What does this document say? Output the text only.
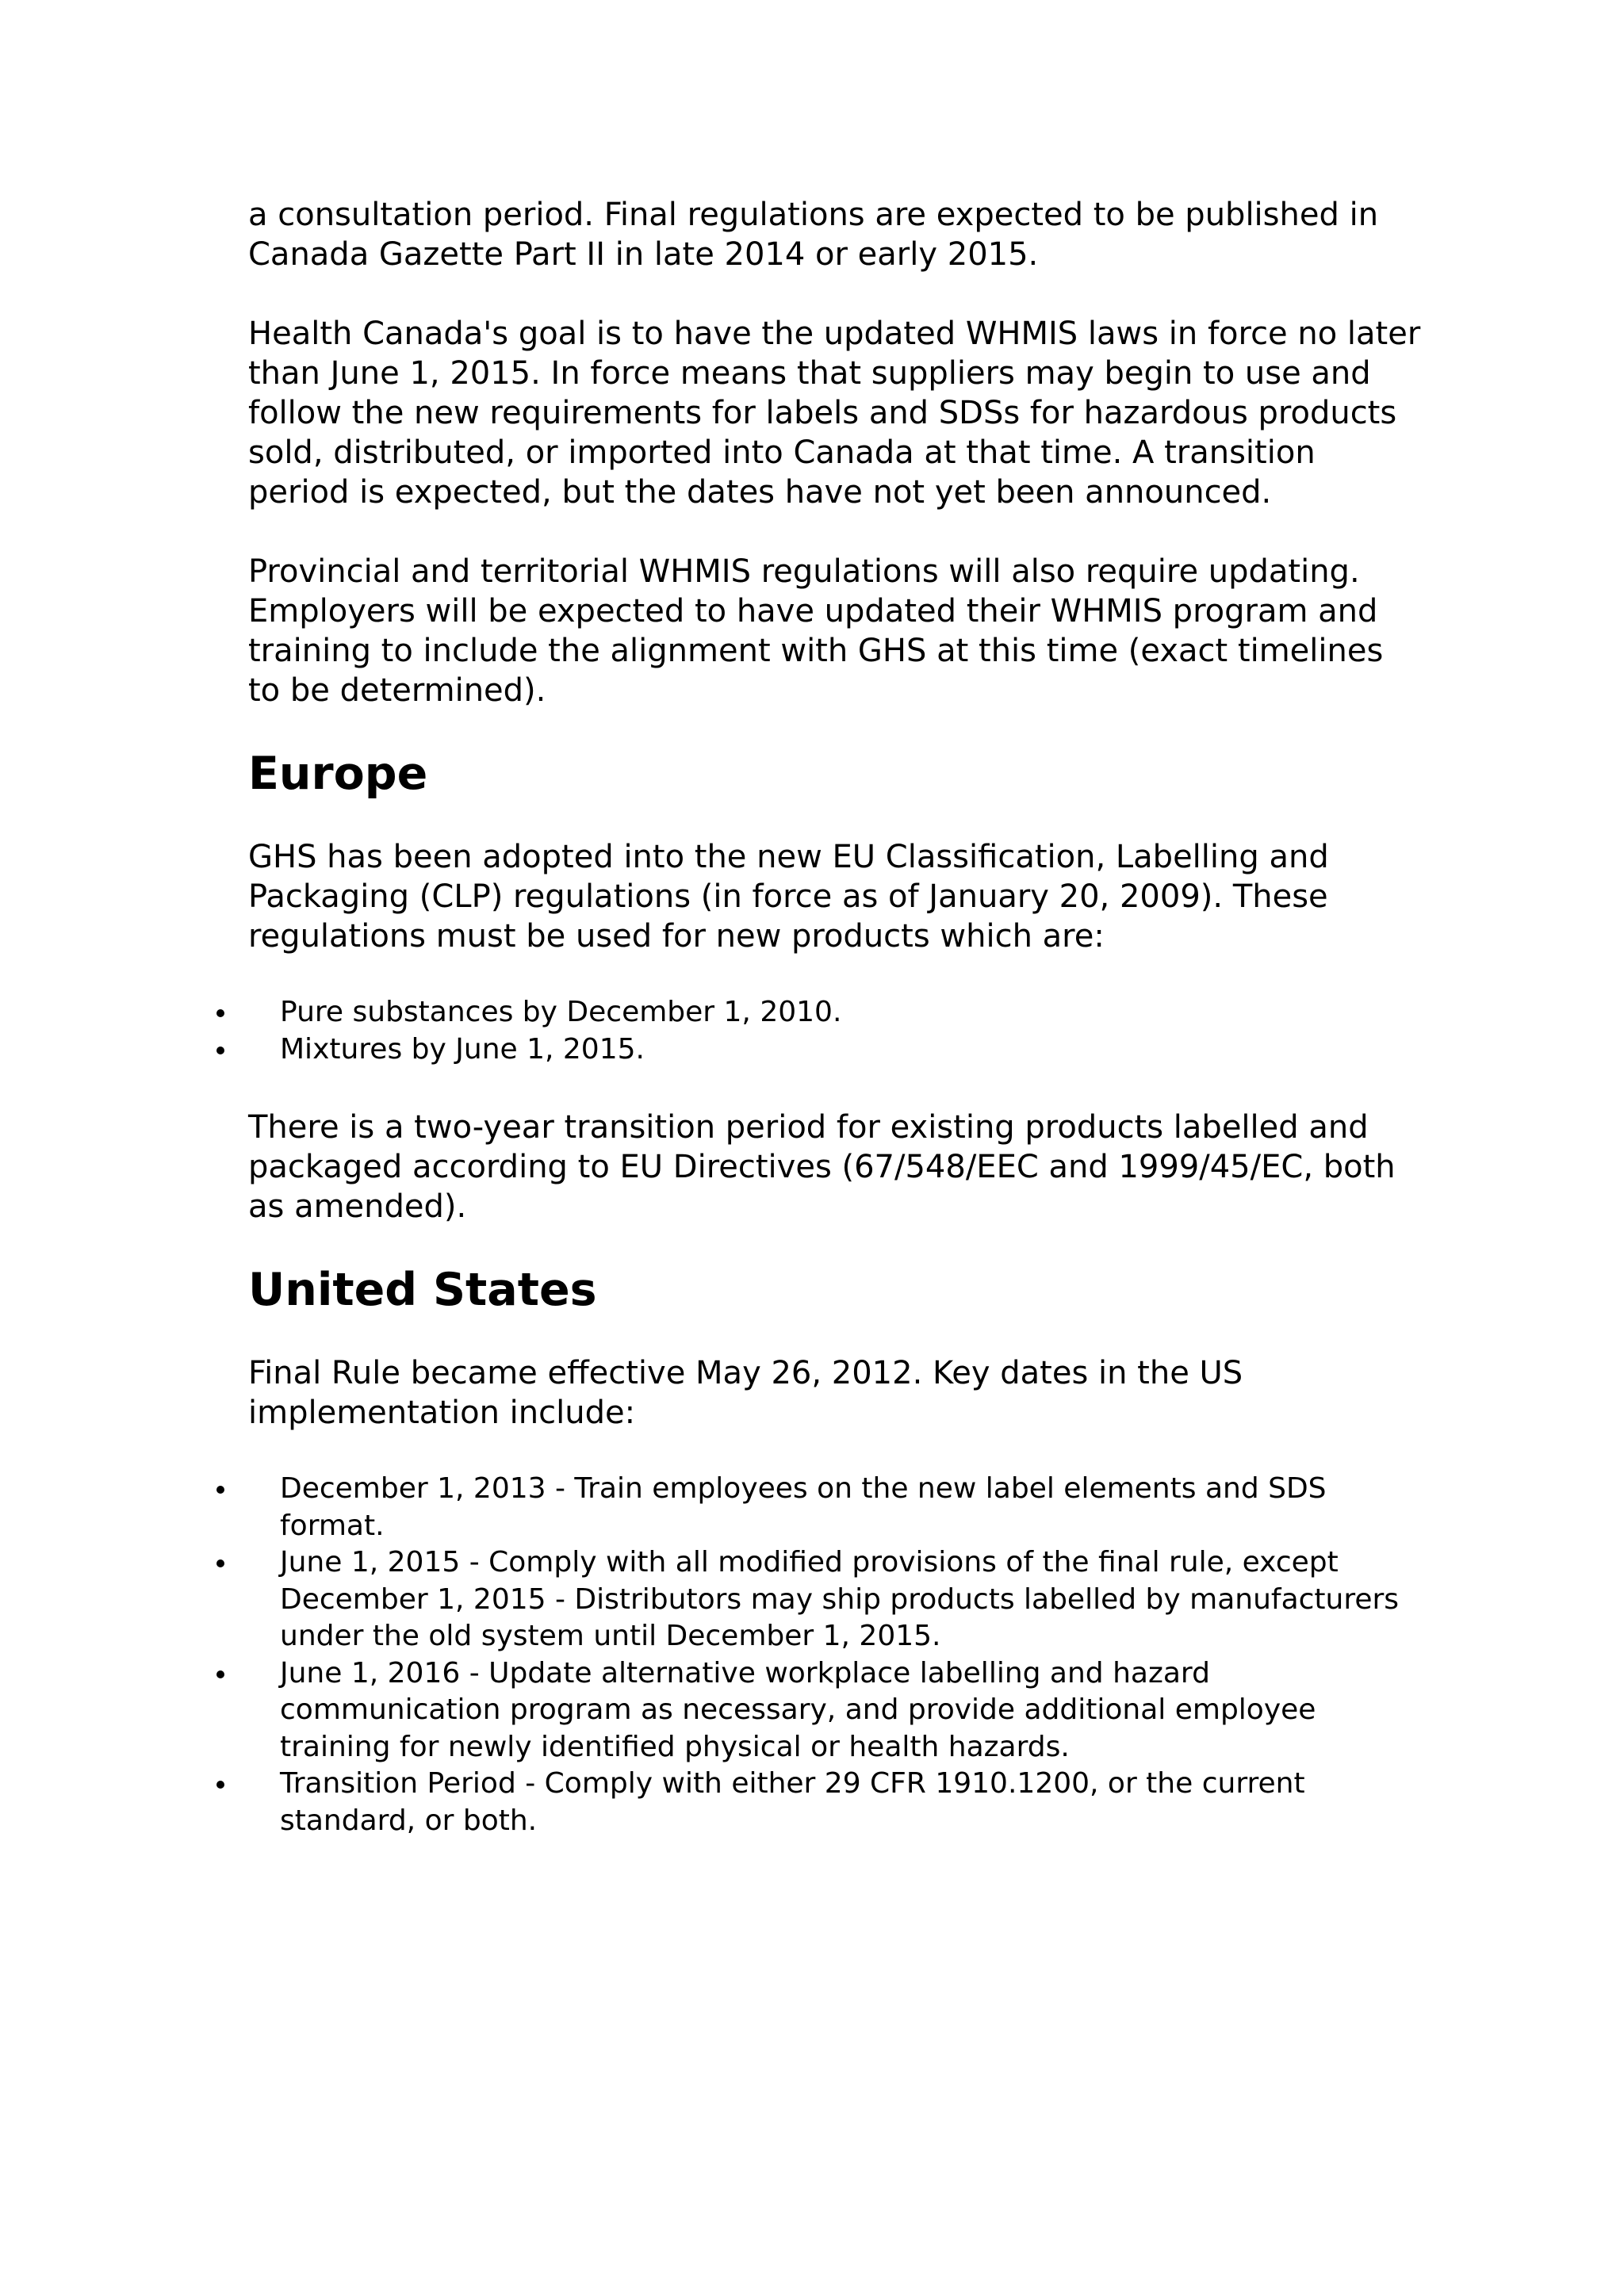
a consultation period. Final regulations are expected to be published in Canada Gazette Part II in late 2014 or early 2015.

Health Canada's goal is to have the updated WHMIS laws in force no later than June 1, 2015. In force means that suppliers may begin to use and follow the new requirements for labels and SDSs for hazardous products sold, distributed, or imported into Canada at that time. A transition period is expected, but the dates have not yet been announced.

Provincial and territorial WHMIS regulations will also require updating. Employers will be expected to have updated their WHMIS program and training to include the alignment with GHS at this time (exact timelines to be determined).

Europe

GHS has been adopted into the new EU Classification, Labelling and Packaging (CLP) regulations (in force as of January 20, 2009). These regulations must be used for new products which are:

Pure substances by December 1, 2010.
Mixtures by June 1, 2015.

There is a two-year transition period for existing products labelled and packaged according to EU Directives (67/548/EEC and 1999/45/EC, both as amended).

United States

Final Rule became effective May 26, 2012. Key dates in the US implementation include:

December 1, 2013 - Train employees on the new label elements and SDS format.
June 1, 2015 - Comply with all modified provisions of the final rule, except December 1, 2015 - Distributors may ship products labelled by manufacturers under the old system until December 1, 2015.
June 1, 2016 - Update alternative workplace labelling and hazard communication program as necessary, and provide additional employee training for newly identified physical or health hazards.
Transition Period - Comply with either 29 CFR 1910.1200, or the current standard, or both.
